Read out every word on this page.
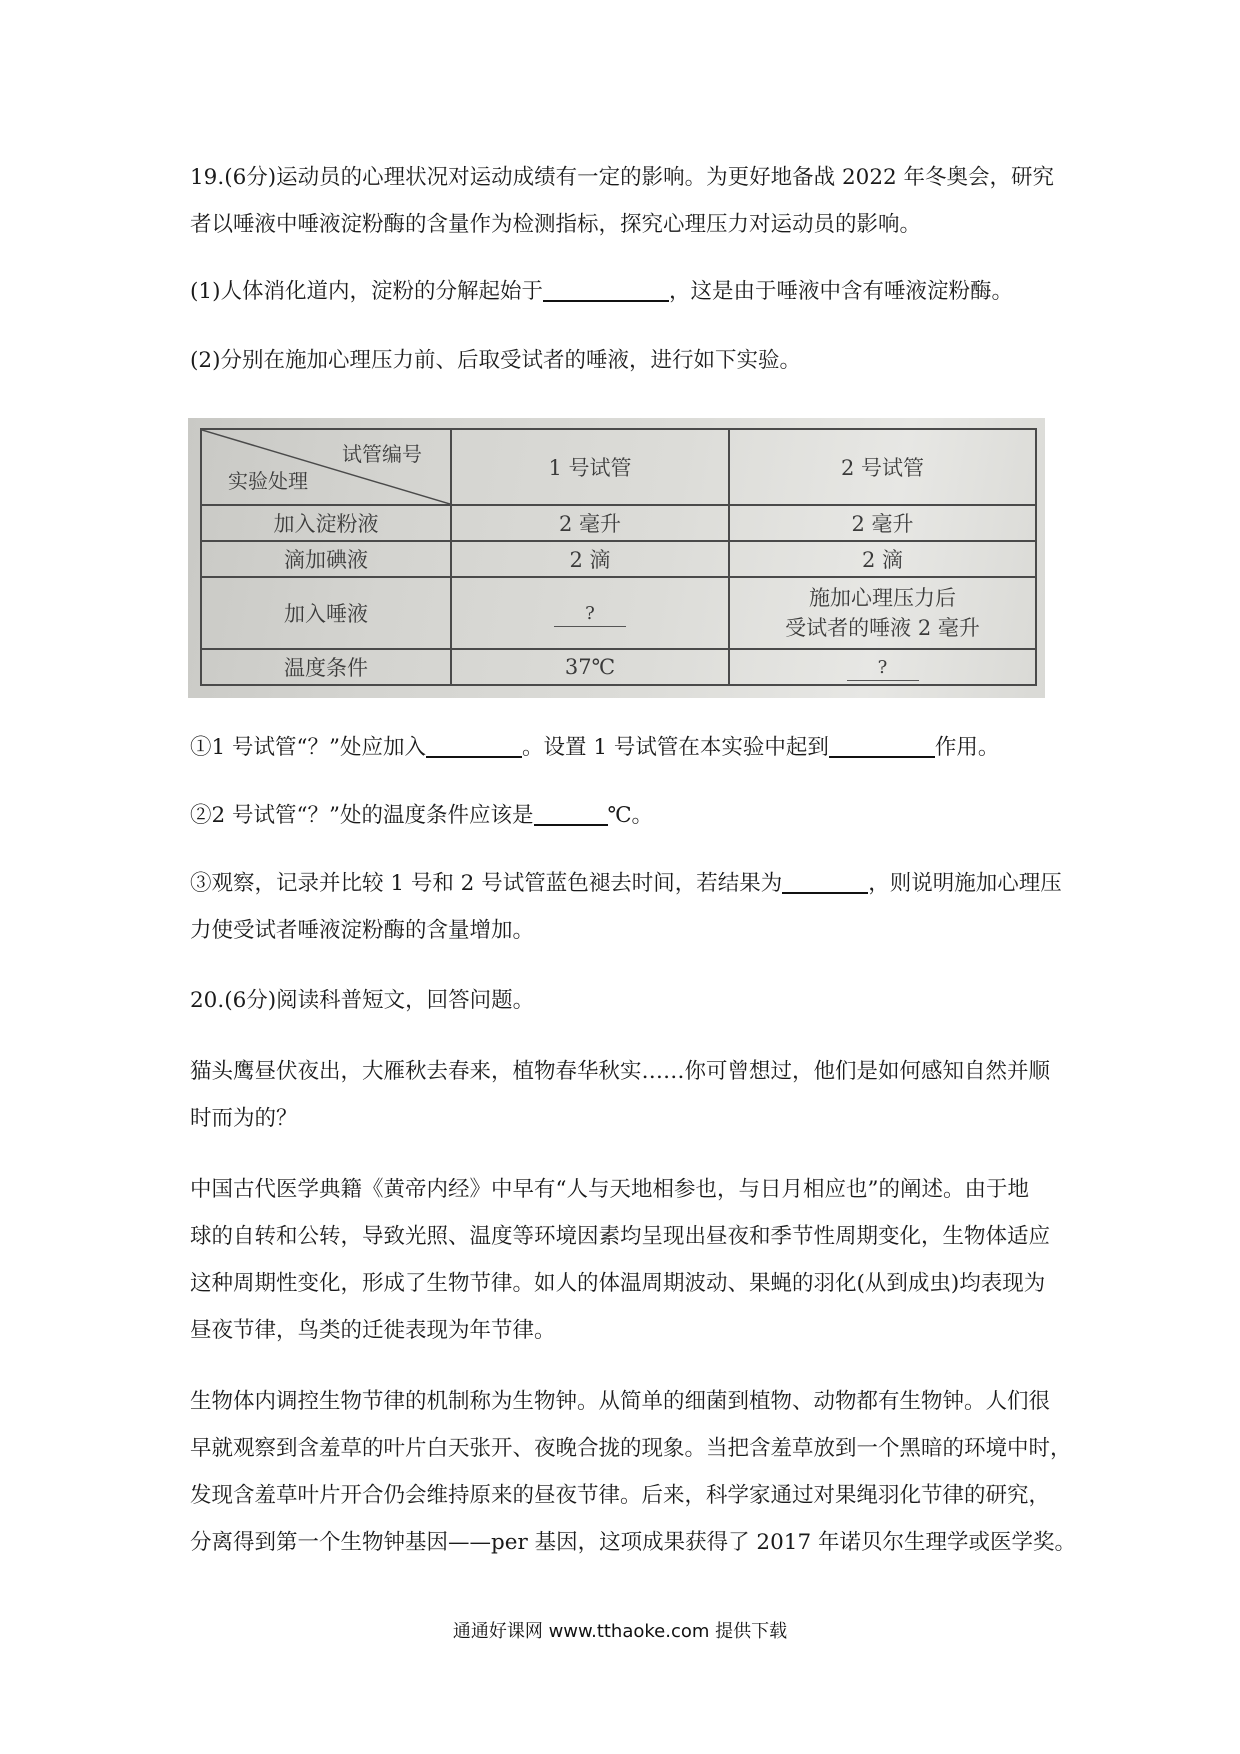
19.(6分)运动员的心理状况对运动成绩有一定的影响。为更好地备战 2022 年冬奥会，研究
者以唾液中唾液淀粉酶的含量作为检测指标，探究心理压力对运动员的影响。
(1)人体消化道内，淀粉的分解起始于	，这是由于唾液中含有唾液淀粉酶。
(2)分别在施加心理压力前、后取受试者的唾液，进行如下实验。
试管编号
实验处理	1 号试管	2 号试管
加入淀粉液	2 毫升	2 毫升
滴加碘液	2 滴	2 滴
加入唾液	?	施加心理压力后
受试者的唾液 2 毫升

温度条件	37℃	?
①1 号试管“？”处应加入	。设置 1 号试管在本实验中起到	作用。
②2 号试管“？”处的温度条件应该是	℃。
③观察，记录并比较 1 号和 2 号试管蓝色褪去时间，若结果为	，则说明施加心理压
力使受试者唾液淀粉酶的含量增加。
20.(6分)阅读科普短文，回答问题。
猫头鹰昼伏夜出，大雁秋去春来，植物春华秋实……你可曾想过，他们是如何感知自然并顺
时而为的？
中国古代医学典籍《黄帝内经》中早有“人与天地相参也，与日月相应也”的阐述。由于地
球的自转和公转，导致光照、温度等环境因素均呈现出昼夜和季节性周期变化，生物体适应
这种周期性变化，形成了生物节律。如人的体温周期波动、果蝇的羽化(从到成虫)均表现为
昼夜节律，鸟类的迁徙表现为年节律。
生物体内调控生物节律的机制称为生物钟。从简单的细菌到植物、动物都有生物钟。人们很
早就观察到含羞草的叶片白天张开、夜晚合拢的现象。当把含羞草放到一个黑暗的环境中时，
发现含羞草叶片开合仍会维持原来的昼夜节律。后来，科学家通过对果绳羽化节律的研究，
分离得到第一个生物钟基因——per 基因，这项成果获得了 2017 年诺贝尔生理学或医学奖。
通通好课网 www.tthaoke.com 提供下载
